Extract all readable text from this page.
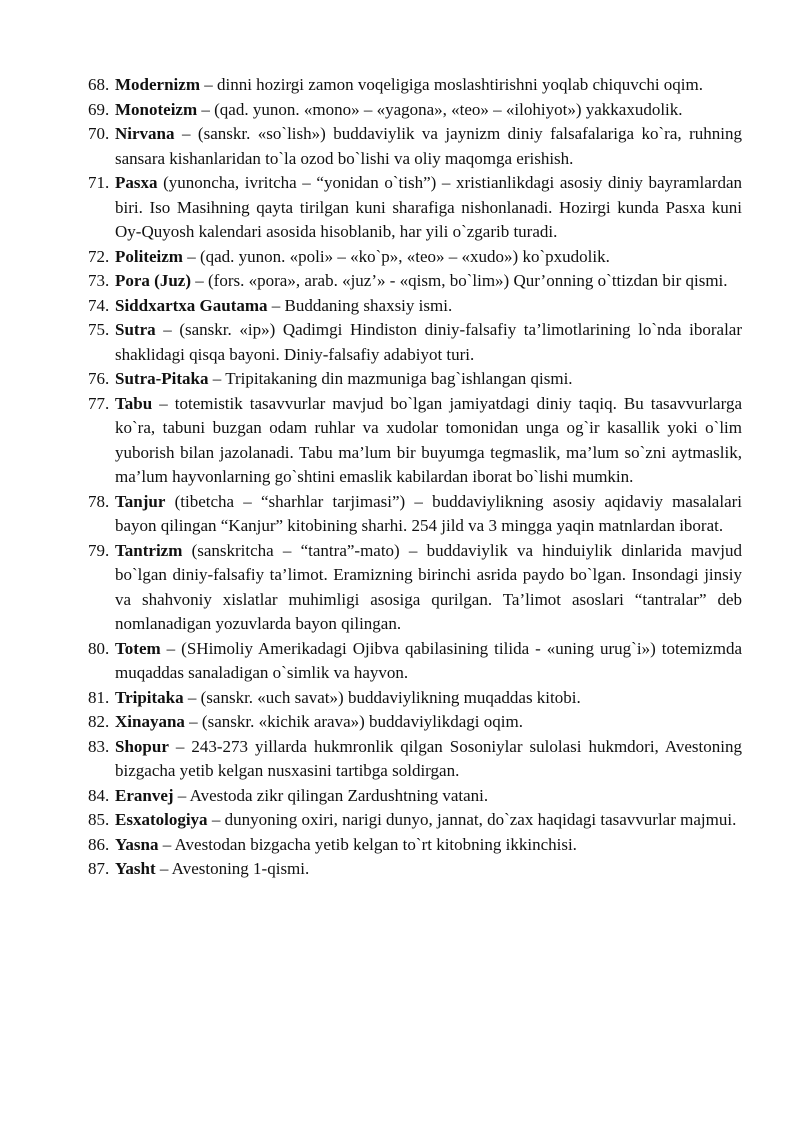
68. Modernizm – dinni hozirgi zamon voqeligiga moslashtirishni yoqlab chiquvchi oqim.
69. Monoteizm – (qad. yunon. «mono» – «yagona», «teo» – «ilohiyot») yakkaxudolik.
70. Nirvana – (sanskr. «so`lish») buddaviylik va jaynizm diniy falsafalariga ko`ra, ruhning sansara kishanlaridan to`la ozod bo`lishi va oliy maqomga erishish.
71. Pasxa (yunoncha, ivritcha – “yonidan o`tish”) – xristianlikdagi asosiy diniy bayramlardan biri. Iso Masihning qayta tirilgan kuni sharafiga nishonlanadi. Hozirgi kunda Pasxa kuni Oy-Quyosh kalendari asosida hisoblanib, har yili o`zgarib turadi.
72. Politeizm – (qad. yunon. «poli» – «ko`p», «teo» – «xudo») ko`pxudolik.
73. Pora (Juz) – (fors. «pora», arab. «juz’» - «qism, bo`lim») Qur’onning o`ttizdan bir qismi.
74. Siddxartxa Gautama – Buddaning shaxsiy ismi.
75. Sutra – (sanskr. «ip») Qadimgi Hindiston diniy-falsafiy ta’limotlarining lo`nda iboralar shaklidagi qisqa bayoni. Diniy-falsafiy adabiyot turi.
76. Sutra-Pitaka – Tripitakaning din mazmuniga bag`ishlangan qismi.
77. Tabu – totemistik tasavvurlar mavjud bo`lgan jamiyatdagi diniy taqiq. Bu tasavvurlarga ko`ra, tabuni buzgan odam ruhlar va xudolar tomonidan unga og`ir kasallik yoki o`lim yuborish bilan jazolanadi. Tabu ma’lum bir buyumga tegmaslik, ma’lum so`zni aytmaslik, ma’lum hayvonlarning go`shtini emaslik kabilardan iborat bo`lishi mumkin.
78. Tanjur (tibetcha – “sharhlar tarjimasi”) – buddaviylikning asosiy aqidaviy masalalari bayon qilingan “Kanjur” kitobining sharhi. 254 jild va 3 mingga yaqin matnlardan iborat.
79. Tantrizm (sanskritcha – “tantra”-mato) – buddaviylik va hinduiylik dinlarida mavjud bo`lgan diniy-falsafiy ta’limot. Eramizning birinchi asrida paydo bo`lgan. Insondagi jinsiy va shahvoniy xislatlar muhimligi asosiga qurilgan. Ta’limot asoslari “tantralar” deb nomlanadigan yozuvlarda bayon qilingan.
80. Totem – (SHimoliy Amerikadagi Ojibva qabilasining tilida - «uning urug`i») totemizmda muqaddas sanaladigan o`simlik va hayvon.
81. Tripitaka – (sanskr. «uch savat») buddaviylikning muqaddas kitobi.
82. Xinayana – (sanskr. «kichik arava») buddaviylikdagi oqim.
83. Shopur – 243-273 yillarda hukmronlik qilgan Sosoniylar sulolasi hukmdori, Avestoning bizgacha yetib kelgan nusxasini tartibga soldirgan.
84. Eranvej – Avestoda zikr qilingan Zardushtning vatani.
85. Esxatologiya – dunyoning oxiri, narigi dunyo, jannat, do`zax haqidagi tasavvurlar majmui.
86. Yasna – Avestodan bizgacha yetib kelgan to`rt kitobning ikkinchisi.
87. Yasht – Avestoning 1-qismi.
